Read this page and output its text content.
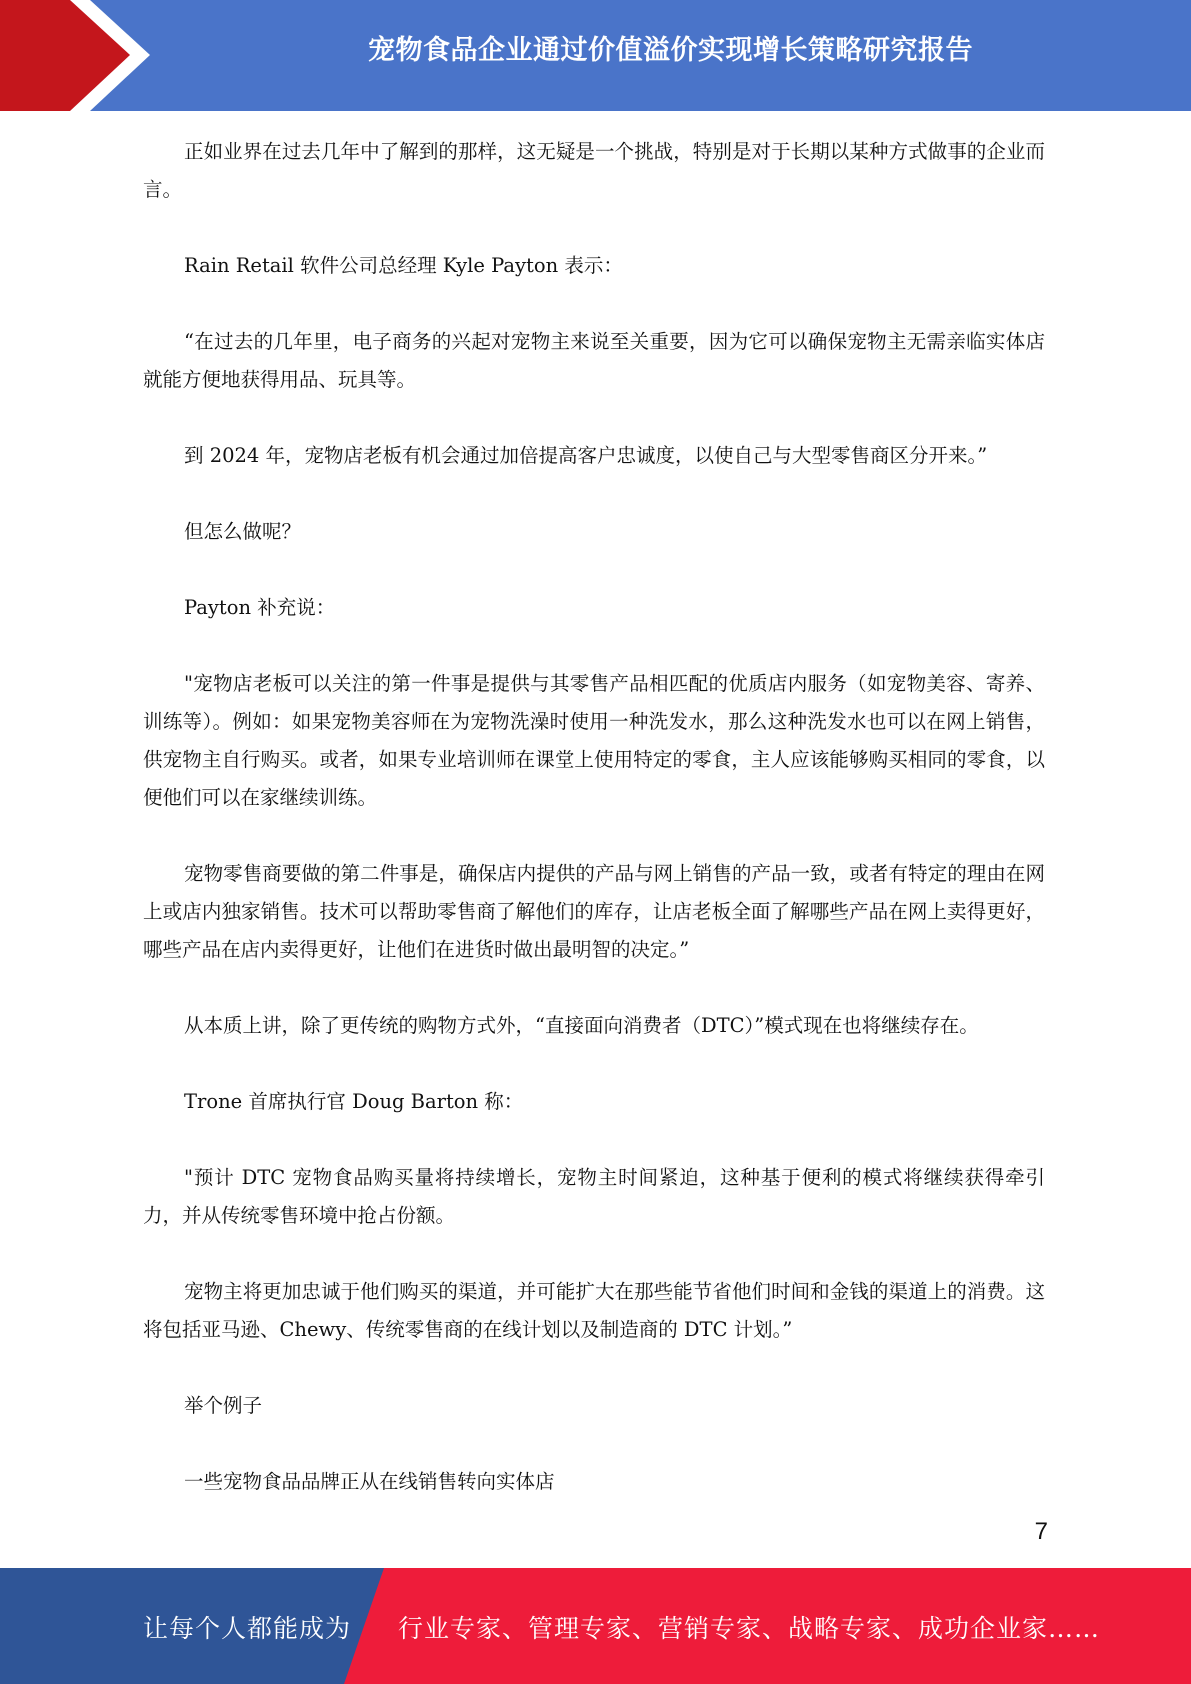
宠物食品企业通过价值溢价实现增长策略研究报告

正如业界在过去几年中了解到的那样，这无疑是一个挑战，特别是对于长期以某种方式做事的企业而言。

Rain Retail 软件公司总经理 Kyle Payton 表示：

“在过去的几年里，电子商务的兴起对宠物主来说至关重要，因为它可以确保宠物主无需亲临实体店就能方便地获得用品、玩具等。

到 2024 年，宠物店老板有机会通过加倍提高客户忠诚度，以使自己与大型零售商区分开来。”

但怎么做呢？

Payton 补充说：

"宠物店老板可以关注的第一件事是提供与其零售产品相匹配的优质店内服务（如宠物美容、寄养、训练等）。例如：如果宠物美容师在为宠物洗澡时使用一种洗发水，那么这种洗发水也可以在网上销售，供宠物主自行购买。或者，如果专业培训师在课堂上使用特定的零食，主人应该能够购买相同的零食，以便他们可以在家继续训练。

宠物零售商要做的第二件事是，确保店内提供的产品与网上销售的产品一致，或者有特定的理由在网上或店内独家销售。技术可以帮助零售商了解他们的库存，让店老板全面了解哪些产品在网上卖得更好，哪些产品在店内卖得更好，让他们在进货时做出最明智的决定。”

从本质上讲，除了更传统的购物方式外，“直接面向消费者（DTC）”模式现在也将继续存在。

Trone 首席执行官 Doug Barton 称：

"预计 DTC 宠物食品购买量将持续增长，宠物主时间紧迫，这种基于便利的模式将继续获得牵引力，并从传统零售环境中抢占份额。

宠物主将更加忠诚于他们购买的渠道，并可能扩大在那些能节省他们时间和金钱的渠道上的消费。这将包括亚马逊、Chewy、传统零售商的在线计划以及制造商的 DTC 计划。”

举个例子

一些宠物食品品牌正从在线销售转向实体店

7
让每个人都能成为 行业专家、管理专家、营销专家、战略专家、成功企业家……
